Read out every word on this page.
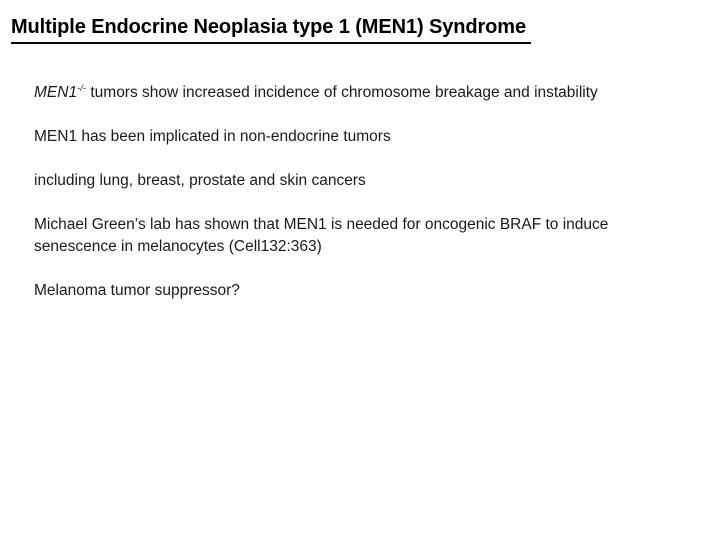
Multiple Endocrine Neoplasia type 1 (MEN1) Syndrome

MEN1-/- tumors show increased incidence of chromosome breakage and instability

MEN1 has been implicated in non-endocrine tumors

including lung, breast, prostate and skin cancers

Michael Green’s lab has shown that MEN1 is needed for oncogenic BRAF to induce senescence in melanocytes (Cell132:363)

Melanoma tumor suppressor?
